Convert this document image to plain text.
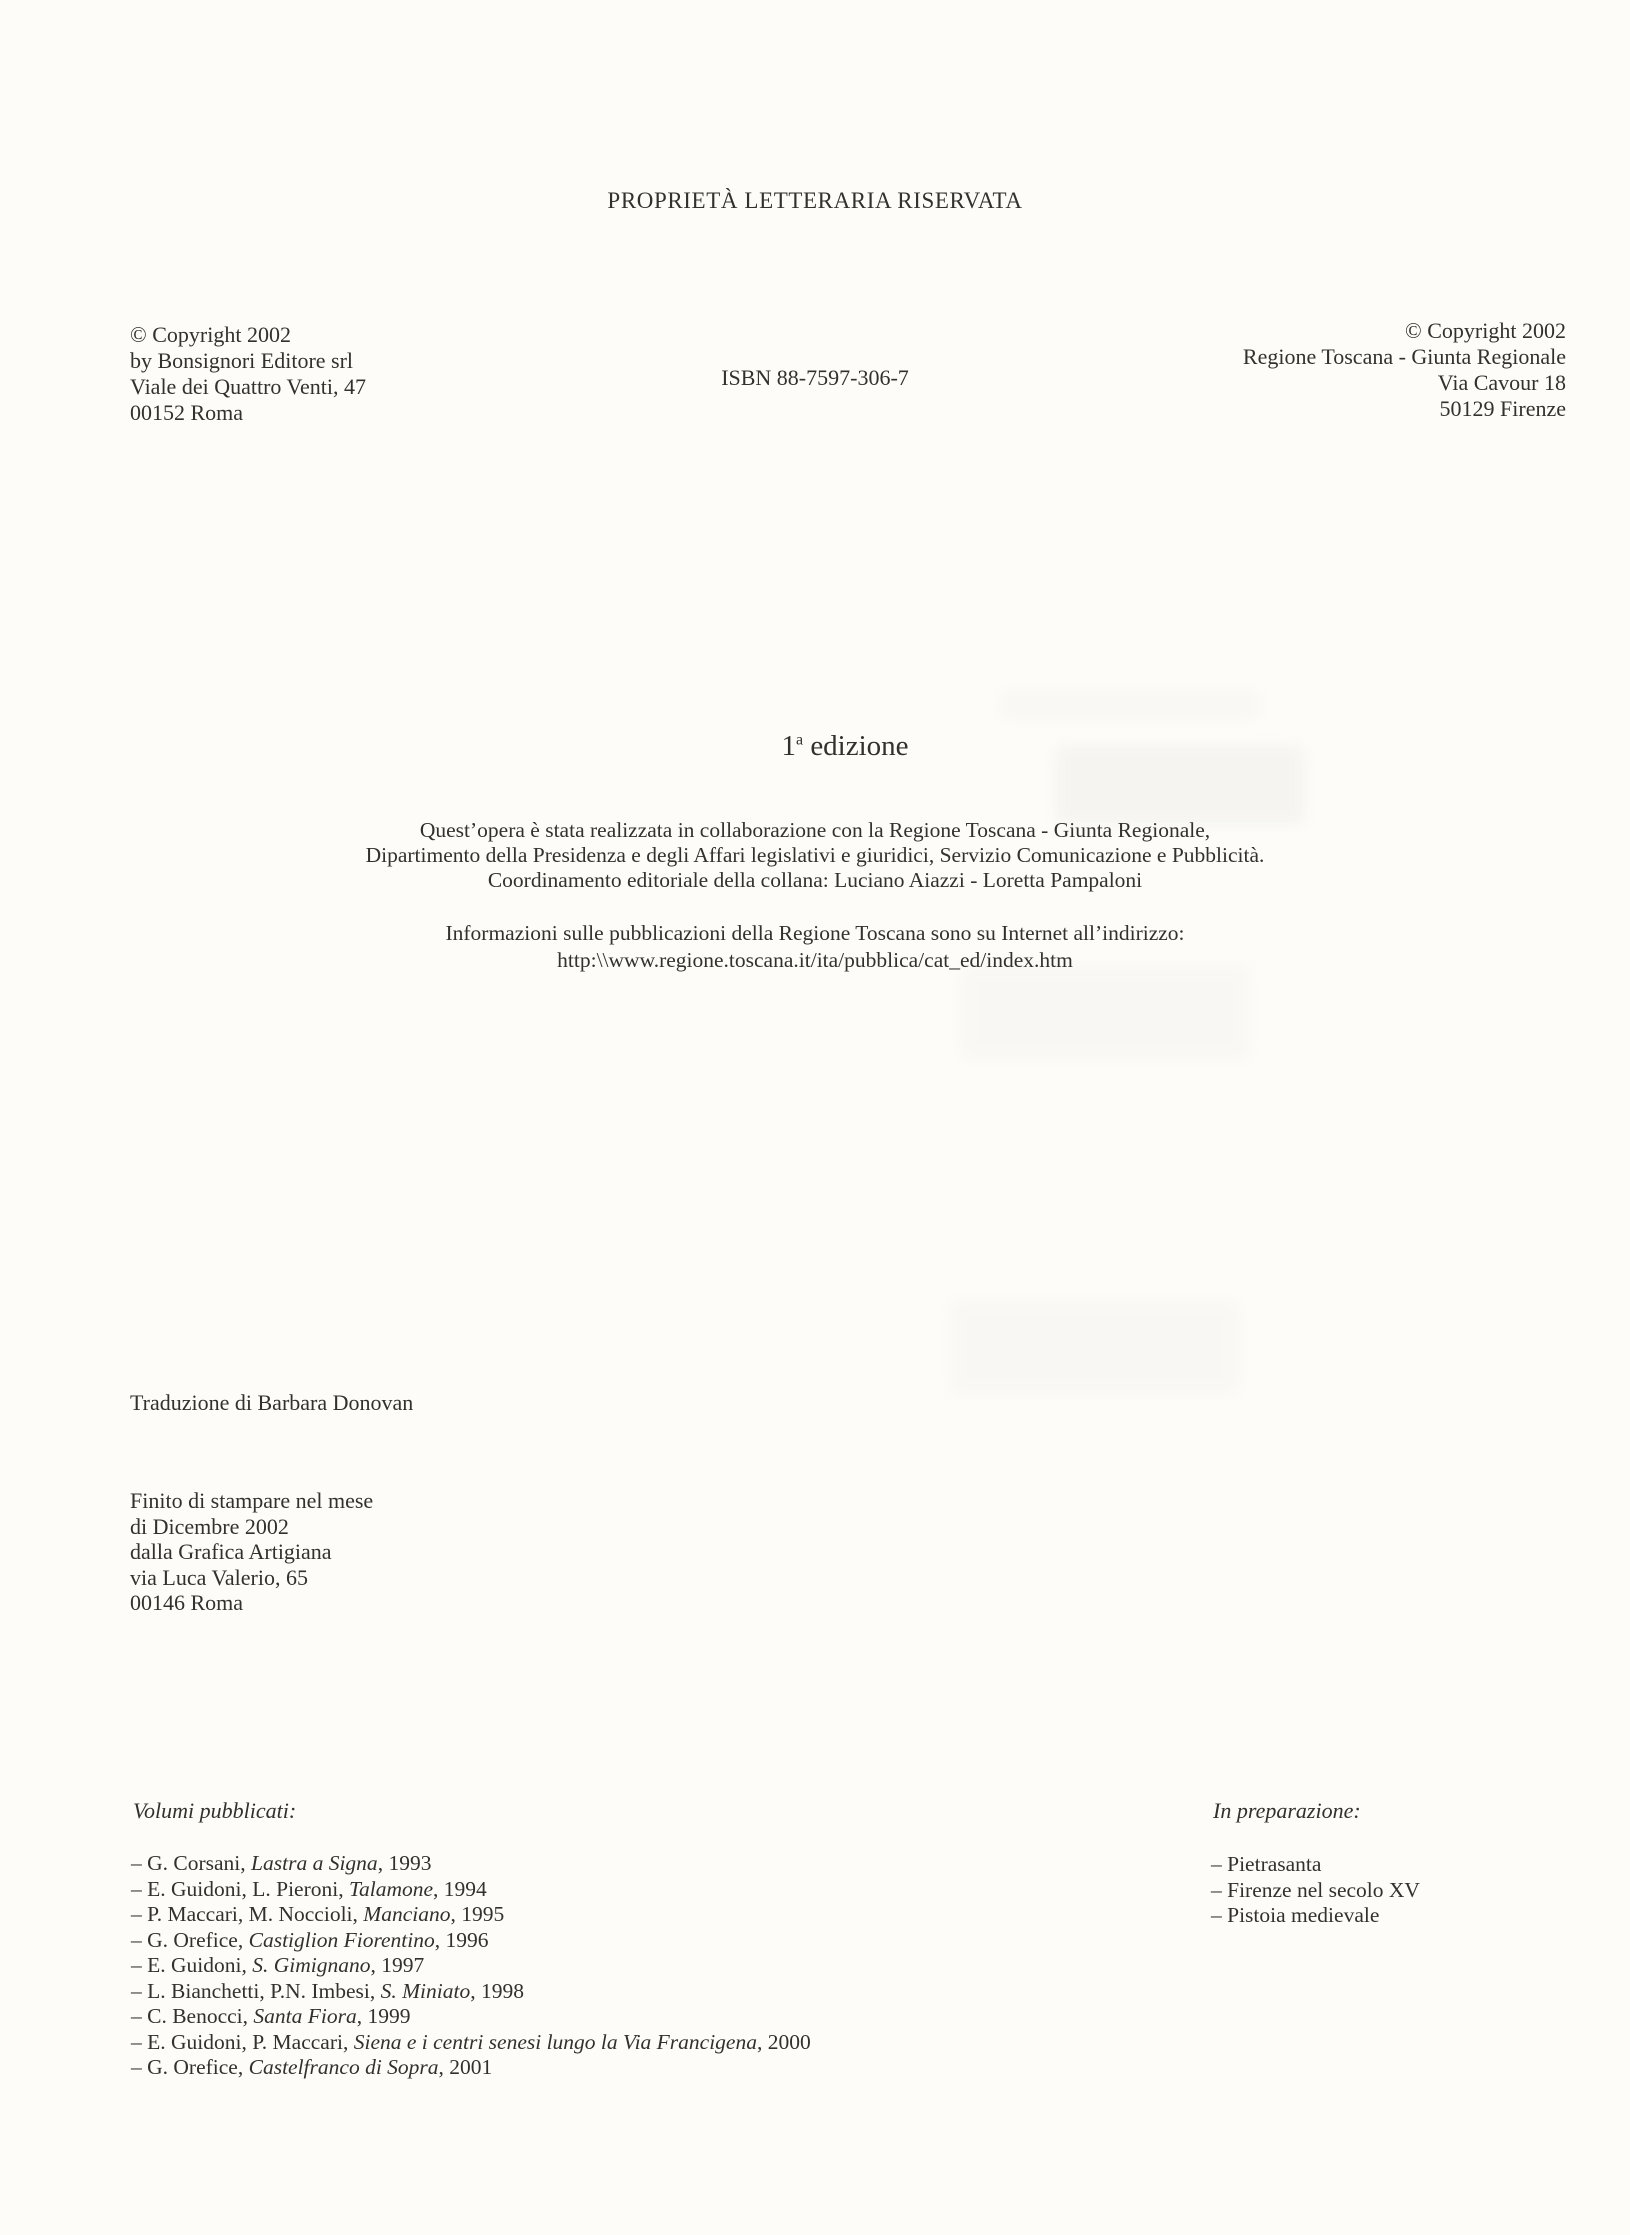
PROPRIETÀ LETTERARIA RISERVATA
© Copyright 2002
by Bonsignori Editore srl
Viale dei Quattro Venti, 47
00152 Roma
ISBN 88-7597-306-7
© Copyright 2002
Regione Toscana - Giunta Regionale
Via Cavour 18
50129 Firenze
1$^a$ edizione
Quest’opera è stata realizzata in collaborazione con la Regione Toscana - Giunta Regionale,
Dipartimento della Presidenza e degli Affari legislativi e giuridici, Servizio Comunicazione e Pubblicità.
Coordinamento editoriale della collana: Luciano Aiazzi - Loretta Pampaloni
Informazioni sulle pubblicazioni della Regione Toscana sono su Internet all’indirizzo:
http:\\www.regione.toscana.it/ita/pubblica/cat_ed/index.htm
Traduzione di Barbara Donovan
Finito di stampare nel mese
di Dicembre 2002
dalla Grafica Artigiana
via Luca Valerio, 65
00146 Roma
Volumi pubblicati:
– G. Corsani, Lastra a Signa, 1993
– E. Guidoni, L. Pieroni, Talamone, 1994
– P. Maccari, M. Noccioli, Manciano, 1995
– G. Orefice, Castiglion Fiorentino, 1996
– E. Guidoni, S. Gimignano, 1997
– L. Bianchetti, P.N. Imbesi, S. Miniato, 1998
– C. Benocci, Santa Fiora, 1999
– E. Guidoni, P. Maccari, Siena e i centri senesi lungo la Via Francigena, 2000
– G. Orefice, Castelfranco di Sopra, 2001
In preparazione:
– Pietrasanta
– Firenze nel secolo XV
– Pistoia medievale
